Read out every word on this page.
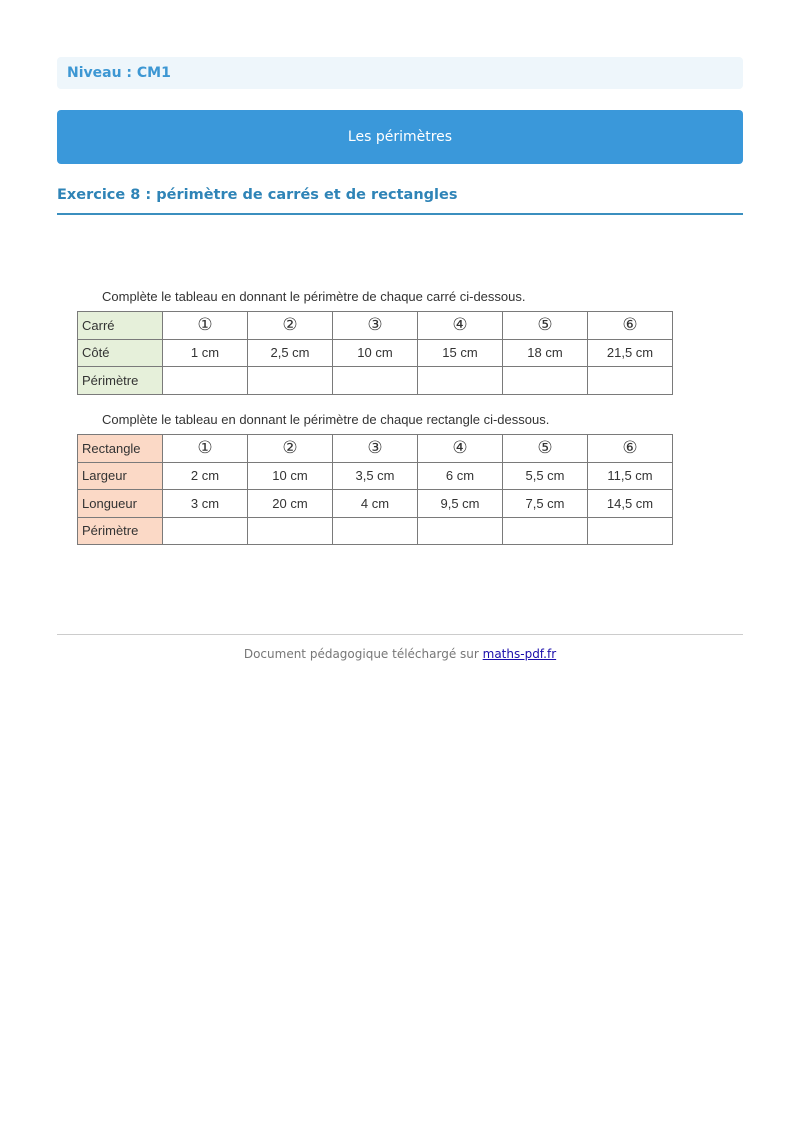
Niveau : CM1
Les périmètres
Exercice 8 : périmètre de carrés et de rectangles
Complète le tableau en donnant le périmètre de chaque carré ci-dessous.
Carré	①	②	③	④	⑤	⑥
Côté	1 cm	2,5 cm	10 cm	15 cm	18 cm	21,5 cm
Périmètre						
Complète le tableau en donnant le périmètre de chaque rectangle ci-dessous.
Rectangle	①	②	③	④	⑤	⑥
Largeur	2 cm	10 cm	3,5 cm	6 cm	5,5 cm	11,5 cm
Longueur	3 cm	20 cm	4 cm	9,5 cm	7,5 cm	14,5 cm
Périmètre						
Document pédagogique téléchargé sur maths-pdf.fr
